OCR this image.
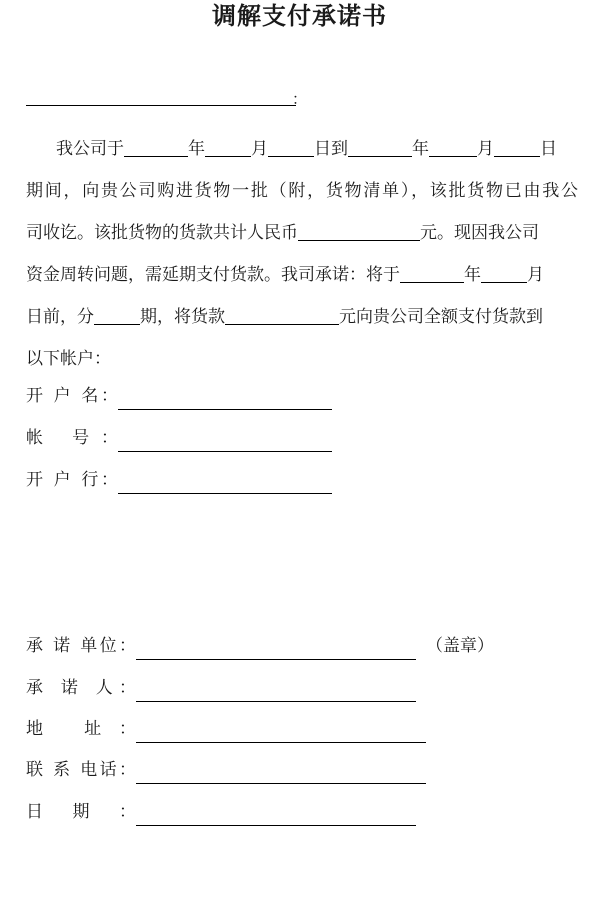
调解支付承诺书
：
我公司于	年	月	日到	年	月	日
期间，向贵公司购进货物一批（附，货物清单），该批货物已由我公
司收讫。该批货物的货款共计人民币	元。现因我公司
资金周转问题，需延期支付货款。我司承诺：将于	年	月
日前，分	期，将货款	元向贵公司全额支付货款到
以下帐户：
开 户 名：
帐 号：
开 户 行：
承 诺 单位：	（盖章）
承 诺 人：
地 址：
联 系 电话：
日 期 ：
